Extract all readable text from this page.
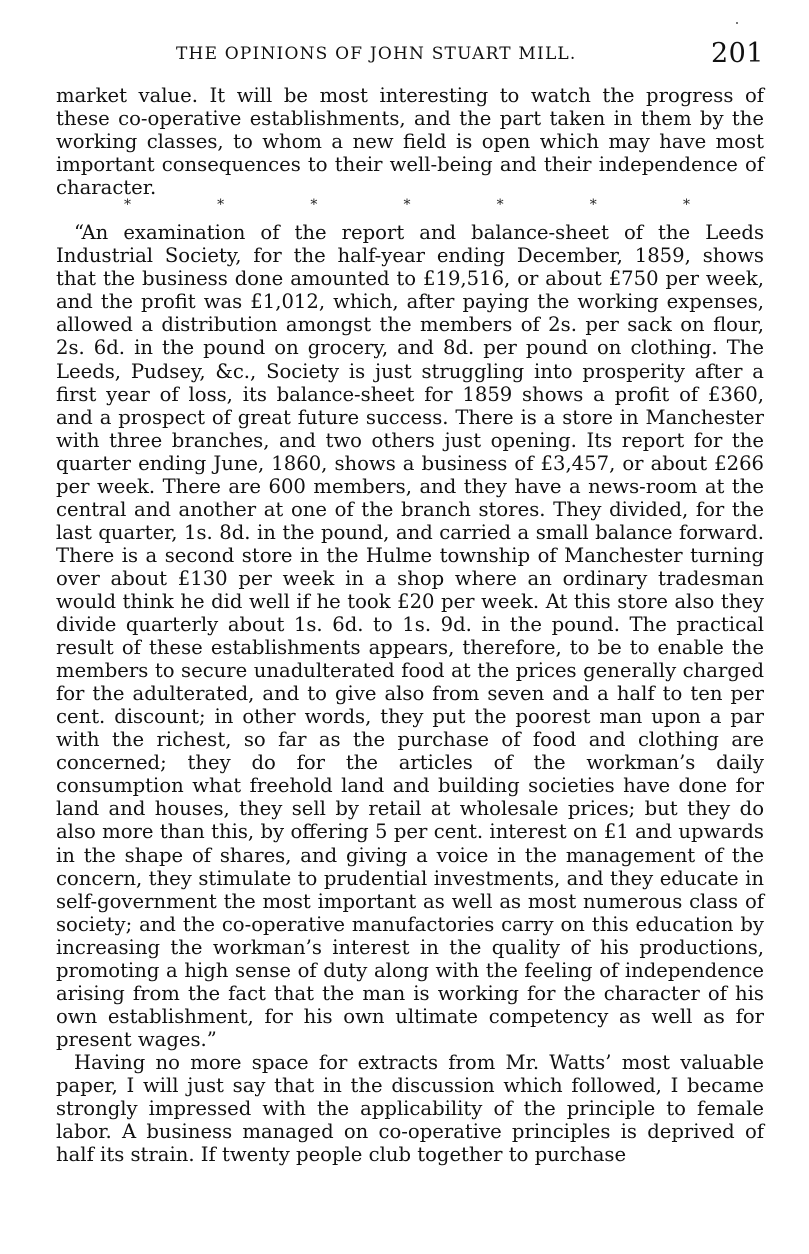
THE OPINIONS OF JOHN STUART MILL.	201

market value. It will be most interesting to watch the progress of these co-operative establishments, and the part taken in them by the working classes, to whom a new field is open which may have most important consequences to their well-being and their independence of character.

*	*	*	*	*	*	*

“An examination of the report and balance-sheet of the Leeds Industrial Society, for the half-year ending December, 1859, shows that the business done amounted to £19,516, or about £750 per week, and the profit was £1,012, which, after paying the working expenses, allowed a distribution amongst the members of 2s. per sack on flour, 2s. 6d. in the pound on grocery, and 8d. per pound on clothing. The Leeds, Pudsey, &c., Society is just struggling into prosperity after a first year of loss, its balance-sheet for 1859 shows a profit of £360, and a prospect of great future success. There is a store in Manchester with three branches, and two others just opening. Its report for the quarter ending June, 1860, shows a business of £3,457, or about £266 per week. There are 600 members, and they have a news-room at the central and another at one of the branch stores. They divided, for the last quarter, 1s. 8d. in the pound, and carried a small balance forward. There is a second store in the Hulme township of Manchester turning over about £130 per week in a shop where an ordinary tradesman would think he did well if he took £20 per week. At this store also they divide quarterly about 1s. 6d. to 1s. 9d. in the pound. The practical result of these establishments appears, therefore, to be to enable the members to secure unadulterated food at the prices generally charged for the adulterated, and to give also from seven and a half to ten per cent. discount; in other words, they put the poorest man upon a par with the richest, so far as the purchase of food and clothing are concerned; they do for the articles of the workman’s daily consumption what freehold land and building societies have done for land and houses, they sell by retail at wholesale prices; but they do also more than this, by offering 5 per cent. interest on £1 and upwards in the shape of shares, and giving a voice in the management of the concern, they stimulate to prudential investments, and they educate in self-government the most important as well as most numerous class of society; and the co-operative manufactories carry on this education by increasing the workman’s interest in the quality of his productions, promoting a high sense of duty along with the feeling of independence arising from the fact that the man is working for the character of his own establishment, for his own ultimate competency as well as for present wages.”

Having no more space for extracts from Mr. Watts’ most valuable paper, I will just say that in the discussion which followed, I became strongly impressed with the applicability of the principle to female labor. A business managed on co-operative principles is deprived of half its strain. If twenty people club together to purchase
